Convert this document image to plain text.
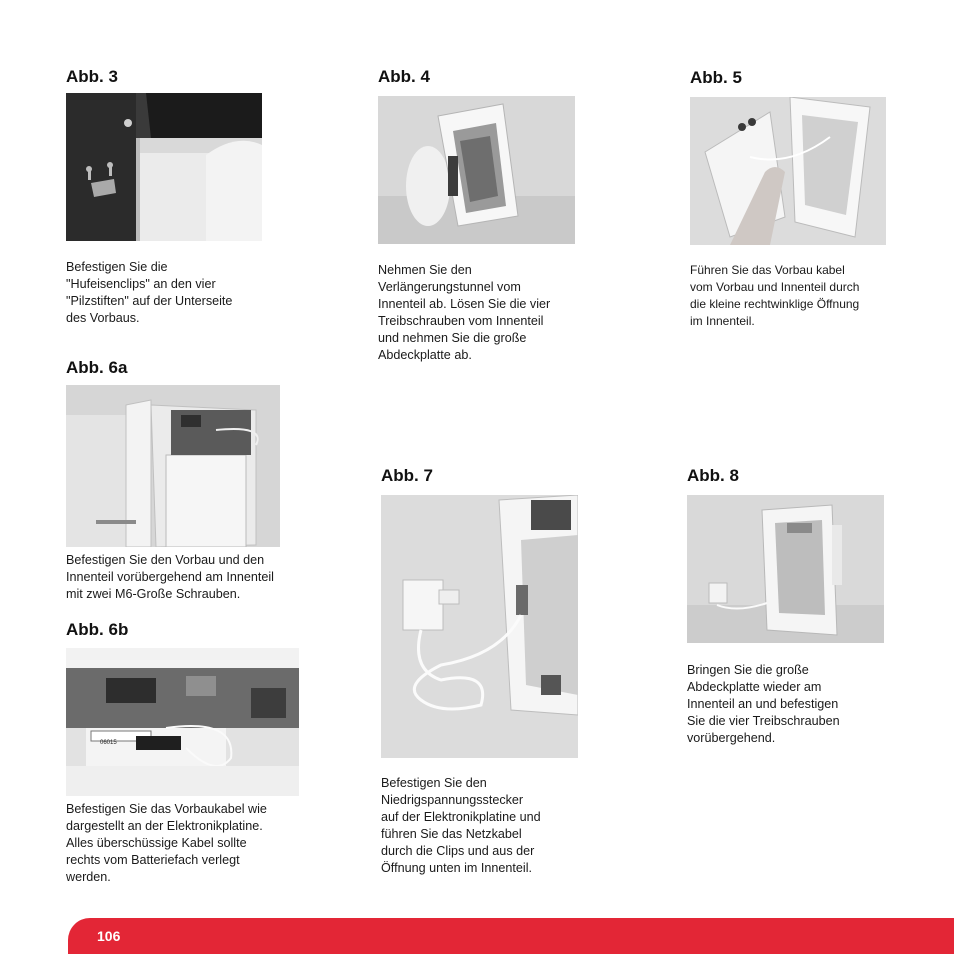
Abb. 3
Befestigen Sie die
"Hufeisenclips" an den vier
"Pilzstiften" auf der Unterseite
des Vorbaus.
Abb. 4
Nehmen Sie den
Verlängerungstunnel vom
Innenteil ab. Lösen Sie die vier
Treibschrauben vom Innenteil
und nehmen Sie die große
Abdeckplatte ab.
Abb. 5
Führen Sie das Vorbau kabel
vom Vorbau und Innenteil durch
die kleine rechtwinklige Öffnung
im Innenteil.
Abb. 6a
Befestigen Sie den Vorbau und den
Innenteil vorübergehend am Innenteil
mit zwei M6-Große Schrauben.
Abb. 6b
06015
Befestigen Sie das Vorbaukabel wie
dargestellt an der Elektronikplatine.
Alles überschüssige Kabel sollte
rechts vom Batteriefach verlegt
werden.
Abb. 7
Befestigen Sie den
Niedrigspannungsstecker
auf der Elektronikplatine und
führen Sie das Netzkabel
durch die Clips und aus der
Öffnung unten im Innenteil.
Abb. 8
Bringen Sie die große
Abdeckplatte wieder am
Innenteil an und befestigen
Sie die vier Treibschrauben
vorübergehend.
106
